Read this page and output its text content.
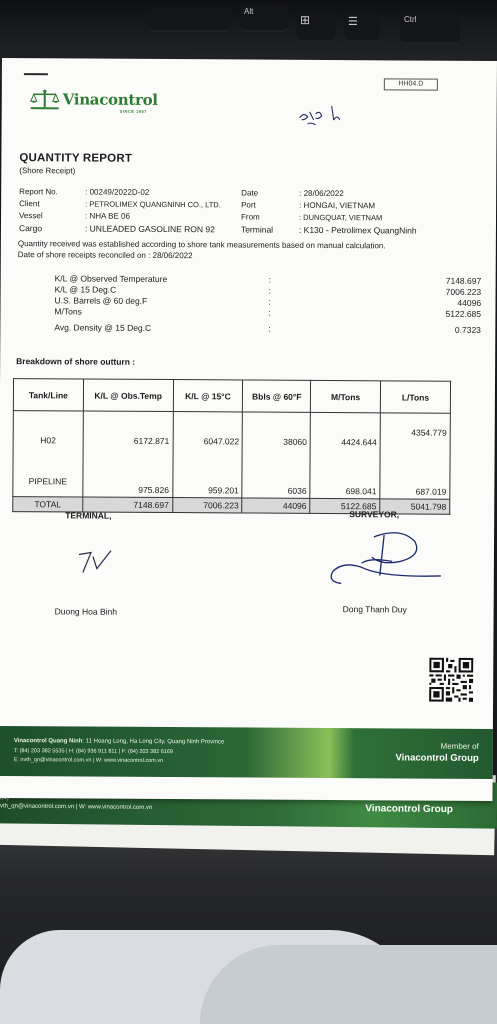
Alt
⊞	☰	Ctrl
84)
vth_qn@vinacontrol.com.vn | W: www.vinacontrol.com.vn	Vinacontrol Group
Vinacontrol
SINCE 1957
HH04.D
QUANTITY REPORT
(Shore Receipt)
Report No.	: 00249/2022D-02
Client	: PETROLIMEX QUANGNINH CO., LTD.
Vessel	: NHA BE 06
Cargo	: UNLEADED GASOLINE RON 92
Date	: 28/06/2022
Port	: HONGAI, VIETNAM
From	: DUNGQUAT, VIETNAM
Terminal	: K130 - Petrolimex QuangNinh
Quantity received was established according to shore tank measurements based on manual calculation.
Date of shore receipts reconciled on : 28/06/2022
K/L @ Observed Temperature	:	7148.697
K/L @ 15 Deg.C	:	7006.223
U.S. Barrels @ 60 deg.F	:	44096
M/Tons	:	5122.685
Avg. Density @ 15 Deg.C	:	0.7323
Breakdown of shore outturn :
Tank/Line	K/L @ Obs.Temp	K/L @ 15°C	Bbls @ 60°F	M/Tons	L/Tons
H02	6172.871	6047.022	38060	4424.644	4354.779
PIPELINE	975.826	959.201	6036	698.041	687.019
TOTAL	7148.697	7006.223	44096	5122.685	5041.798
TERMINAL,	SURVEYOR,
Duong Hoa Binh	Dong Thanh Duy
Vinacontrol Quang Ninh: 11 Hoang Long, Ha Long City, Quang Ninh Province
T: (84) 203 382 5535 | H: (84) 936 911 811 | F: (84) 203 382 6169
E: nvth_qn@vinacontrol.com.vn | W: www.vinacontrol.com.vn
Member of
Vinacontrol Group
